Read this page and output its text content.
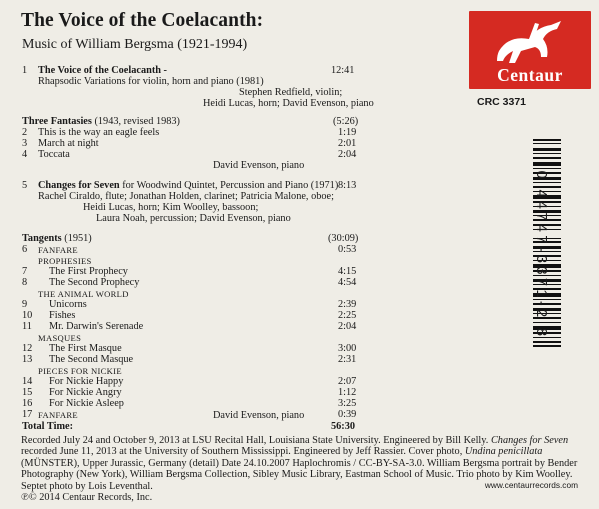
The Voice of the Coelacanth:
Music of William Bergsma (1921-1994)
Centaur
CRC 3371
0 44747-3371-2 8
1 The Voice of the Coelacanth -	12:41
Rhapsodic Variations for violin, horn and piano (1981)
Stephen Redfield, violin;
Heidi Lucas, horn; David Evenson, piano
Three Fantasies (1943, revised 1983)	(5:26)
2 This is the way an eagle feels	1:19
3 March at night	2:01
4 Toccata	2:04
David Evenson, piano
5 Changes for Seven for Woodwind Quintet, Percussion and Piano (1971) 8:13
Rachel Ciraldo, flute; Jonathan Holden, clarinet; Patricia Malone, oboe;
Heidi Lucas, horn; Kim Woolley, bassoon;
Laura Noah, percussion; David Evenson, piano
Tangents (1951)	(30:09)
6 FANFARE	0:53
PROPHESIES
7 The First Prophecy	4:15
8 The Second Prophecy	4:54
THE ANIMAL WORLD
9 Unicorns	2:39
10 Fishes	2:25
11 Mr. Darwin's Serenade	2:04
MASQUES
12 The First Masque	3:00
13 The Second Masque	2:31
PIECES FOR NICKIE
14 For Nickie Happy	2:07
15 For Nickie Angry	1:12
16 For Nickie Asleep	3:25
17 FANFARE	0:39
David Evenson, piano
Total Time:	56:30
Recorded July 24 and October 9, 2013 at LSU Recital Hall, Louisiana State University. Engineered by Bill Kelly. Changes for Seven recorded June 11, 2013 at the University of Southern Mississippi. Engineered by Jeff Rassier. Cover photo, Undina penicillata (MÜNSTER), Upper Jurassic, Germany (detail) Date 24.10.2007 Haplochromis / CC-BY-SA-3.0. William Bergsma portrait by Bender Photography (New York), William Bergsma Collection, Sibley Music Library, Eastman School of Music. Trio photo by Kim Woolley. Septet photo by Lois Leventhal.
℗© 2014 Centaur Records, Inc.
www.centaurrecords.com
